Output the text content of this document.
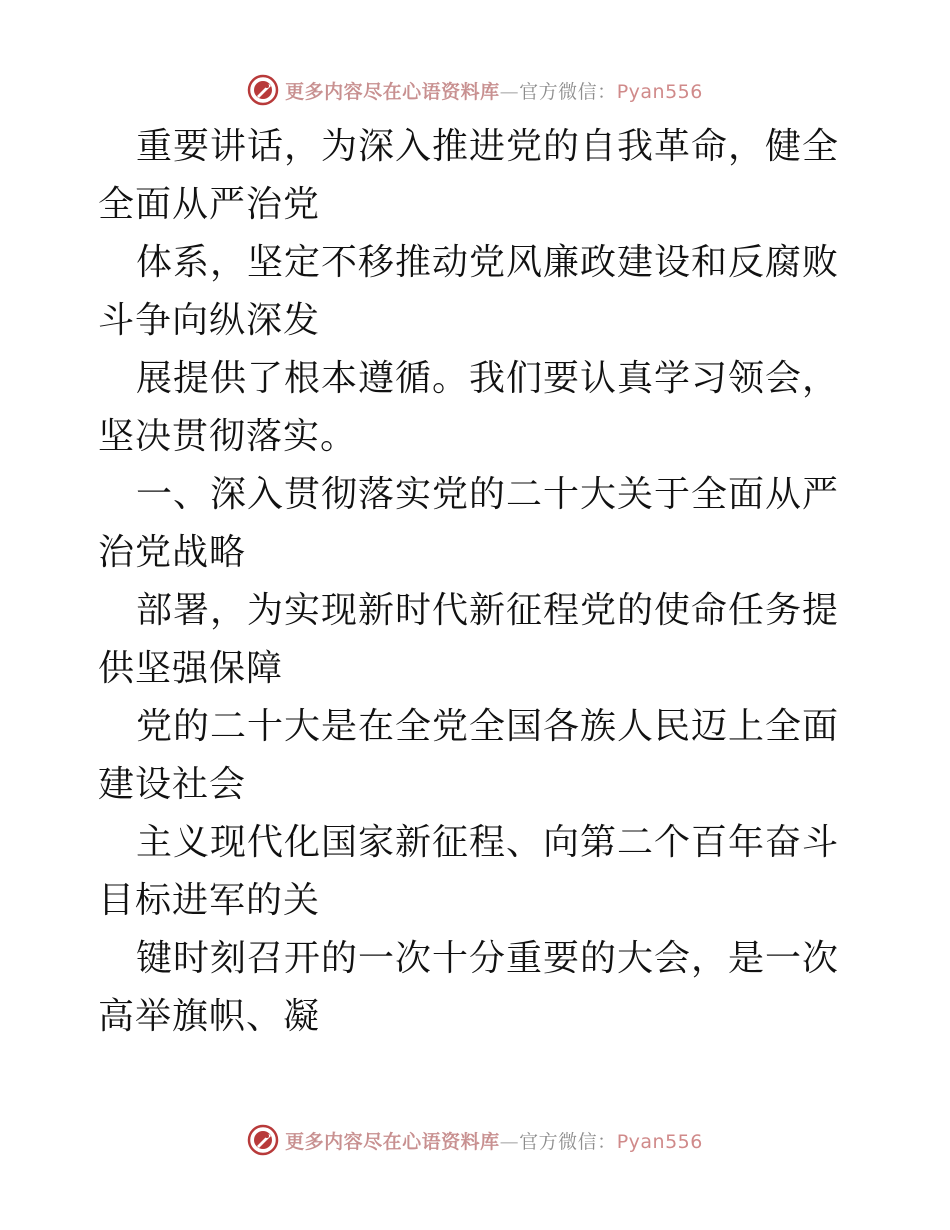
更多内容尽在心语资料库—官方微信：Pyan556

重要讲话，为深入推进党的自我革命，健全全面从严治党

体系，坚定不移推动党风廉政建设和反腐败斗争向纵深发

展提供了根本遵循。我们要认真学习领会，坚决贯彻落实。

一、深入贯彻落实党的二十大关于全面从严治党战略

部署，为实现新时代新征程党的使命任务提供坚强保障

党的二十大是在全党全国各族人民迈上全面建设社会

主义现代化国家新征程、向第二个百年奋斗目标进军的关

键时刻召开的一次十分重要的大会，是一次高举旗帜、凝

更多内容尽在心语资料库—官方微信：Pyan556
